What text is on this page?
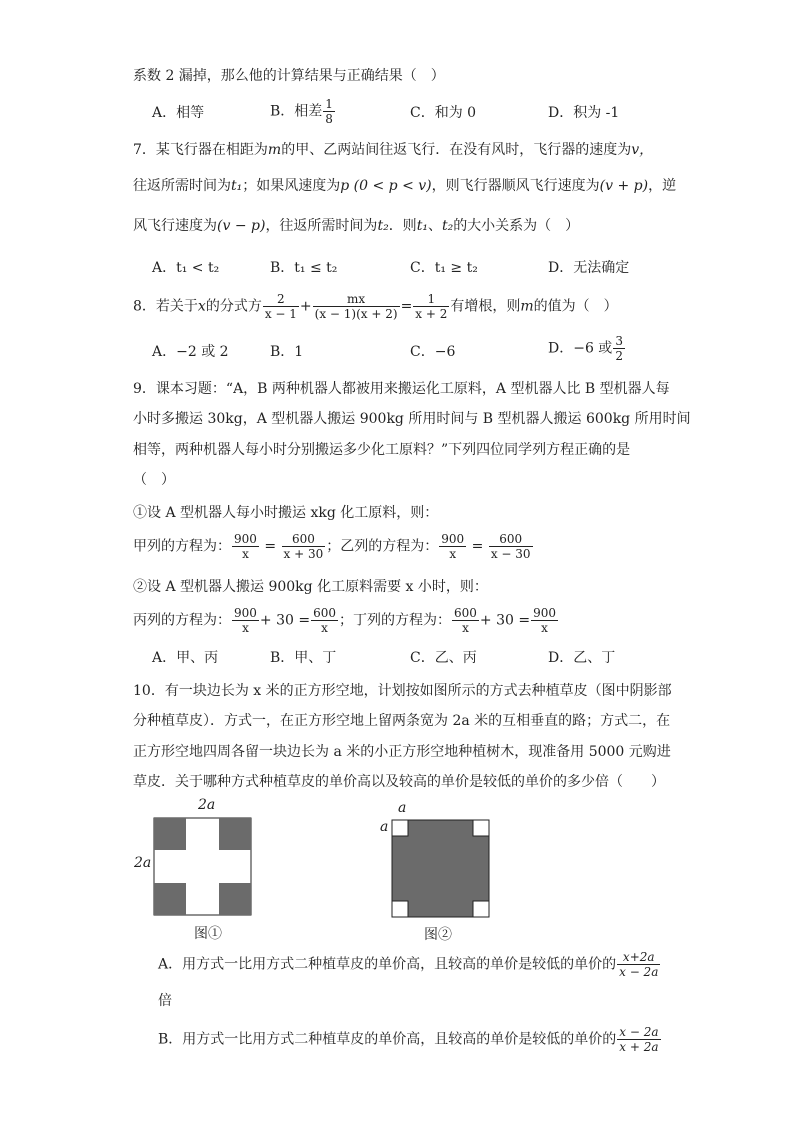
系数 2 漏掉，那么他的计算结果与正确结果（　）
A．相等	B．相差 $\frac{1}{8}$	C．和为 0	D．积为 -1
7．某飞行器在相距为m的甲、乙两站间往返飞行．在没有风时，飞行器的速度为v，
往返所需时间为t₁；如果风速度为p (0 < p < v)，则飞行器顺风飞行速度为(v + p)，逆
风飞行速度为(v − p)，往返所需时间为t₂．则t₁、t₂的大小关系为（　）
A．t₁ < t₂	B．t₁ ≤ t₂	C．t₁ ≥ t₂	D．无法确定
8．若关于x的分式方 $\frac{2}{x - 1} + \frac{mx}{(x - 1)(x + 2)} = \frac{1}{x + 2}$ 有增根，则m的值为（　）
A．−2 或 2	B．1	C．−6	D．−6 或 $\frac{3}{2}$
9．课本习题：“A，B 两种机器人都被用来搬运化工原料，A 型机器人比 B 型机器人每
小时多搬运 30kg，A 型机器人搬运 900kg 所用时间与 B 型机器人搬运 600kg 所用时间
相等，两种机器人每小时分别搬运多少化工原料？”下列四位同学列方程正确的是
（　）
①设 A 型机器人每小时搬运 xkg 化工原料，则：
甲列的方程为： $\frac{900}{x} = \frac{600}{x + 30}$ ；乙列的方程为： $\frac{900}{x} = \frac{600}{x - 30}$
②设 A 型机器人搬运 900kg 化工原料需要 x 小时，则：
丙列的方程为： $\frac{900}{x} + 30 = \frac{600}{x}$ ；丁列的方程为： $\frac{600}{x} + 30 = \frac{900}{x}$
A．甲、丙	B．甲、丁	C．乙、丙	D．乙、丁
10．有一块边长为 x 米的正方形空地，计划按如图所示的方式去种植草皮（图中阴影部
分种植草皮）．方式一，在正方形空地上留两条宽为 2a 米的互相垂直的路；方式二，在
正方形空地四周各留一块边长为 a 米的小正方形空地种植树木，现准备用 5000 元购进
草皮．关于哪种方式种植草皮的单价高以及较高的单价是较低的单价的多少倍（　　）
2a
2a
图①
a
a
图②
A．用方式一比用方式二种植草皮的单价高，且较高的单价是较低的单价的 $\frac{x+2a}{x - 2a}$
倍
B．用方式一比用方式二种植草皮的单价高，且较高的单价是较低的单价的 $\frac{x - 2a}{x + 2a}$
